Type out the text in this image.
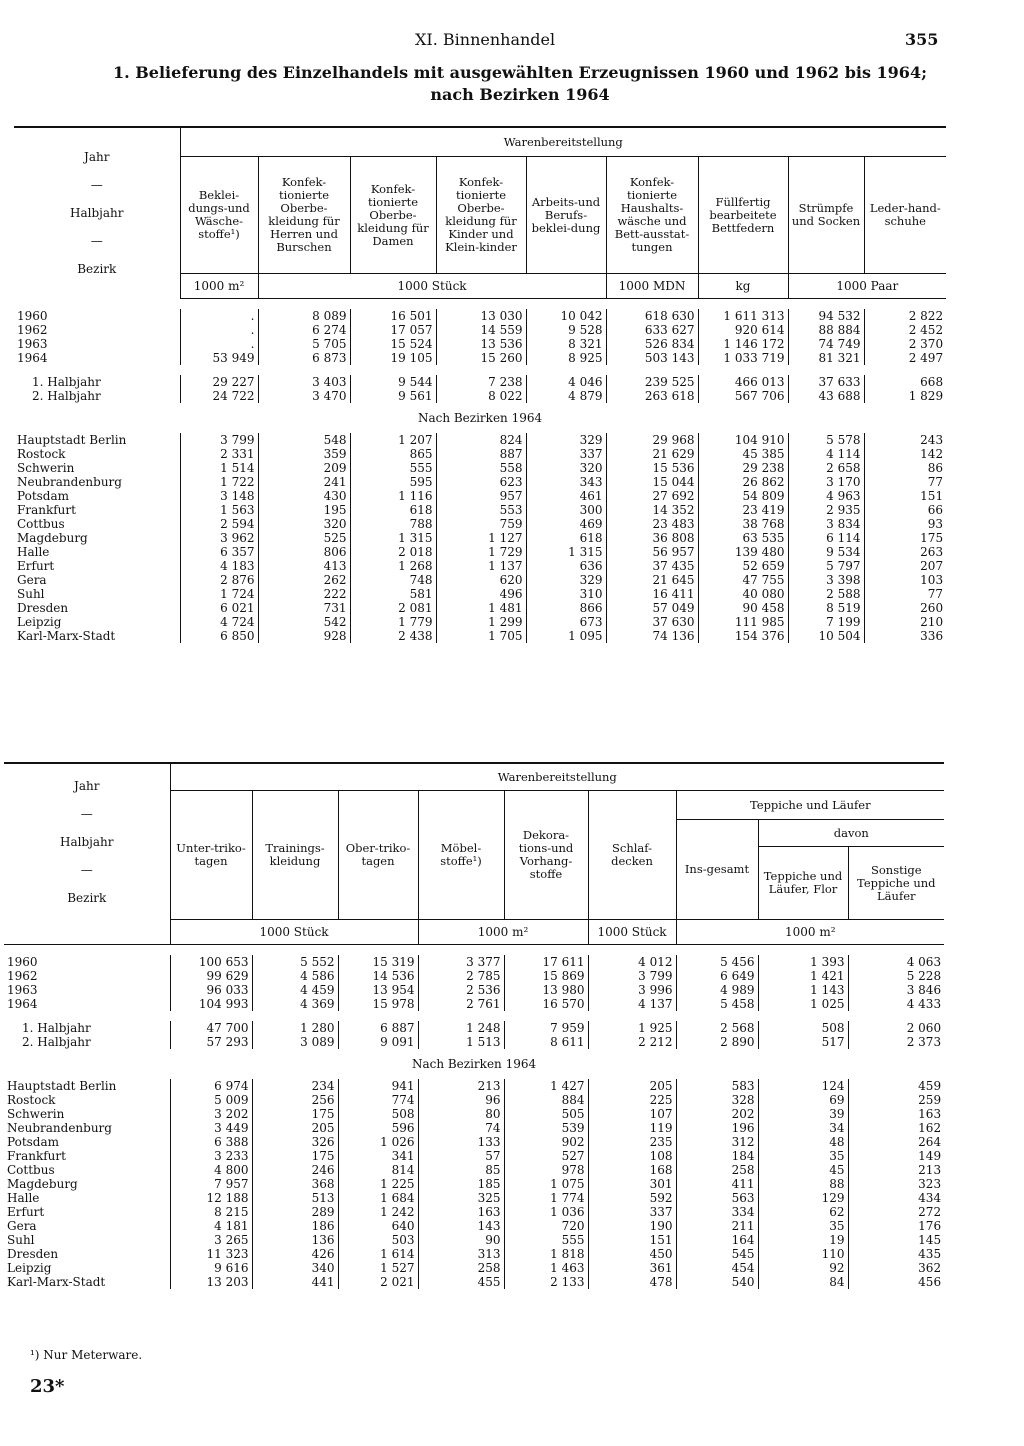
XI. Binnenhandel	355
1. Belieferung des Einzelhandels mit ausgewählten Erzeugnissen 1960 und 1962 bis 1964;
nach Bezirken 1964
Jahr
—
Halbjahr
—
Bezirk	Warenbereitstellung								
	Beklei-dungs-und Wäsche-stoffe¹)	Konfek-tionierte Oberbe-kleidung für Herren und Burschen	Konfek-tionierte Oberbe-kleidung für Damen	Konfek-tionierte Oberbe-kleidung für Kinder und Klein-kinder	Arbeits-und Berufs-beklei-dung	Konfek-tionierte Haushalts-wäsche und Bett-ausstat-tungen	Füllfertig bearbeitete Bettfedern	Strümpfe und Socken	Leder-hand-schuhe
	1000 m²	1000 Stück				1000 MDN	kg	1000 Paar	

1960	.	8 089	16 501	13 030	10 042	618 630	1 611 313	94 532	2 822
1962	.	6 274	17 057	14 559	9 528	633 627	920 614	88 884	2 452
1963	.	5 705	15 524	13 536	8 321	526 834	1 146 172	74 749	2 370
1964	53 949	6 873	19 105	15 260	8 925	503 143	1 033 719	81 321	2 497

1. Halbjahr	29 227	3 403	9 544	7 238	4 046	239 525	466 013	37 633	668
2. Halbjahr	24 722	3 470	9 561	8 022	4 879	263 618	567 706	43 688	1 829
Nach Bezirken 1964									
Hauptstadt Berlin	3 799	548	1 207	824	329	29 968	104 910	5 578	243
Rostock	2 331	359	865	887	337	21 629	45 385	4 114	142
Schwerin	1 514	209	555	558	320	15 536	29 238	2 658	86
Neubrandenburg	1 722	241	595	623	343	15 044	26 862	3 170	77
Potsdam	3 148	430	1 116	957	461	27 692	54 809	4 963	151
Frankfurt	1 563	195	618	553	300	14 352	23 419	2 935	66
Cottbus	2 594	320	788	759	469	23 483	38 768	3 834	93
Magdeburg	3 962	525	1 315	1 127	618	36 808	63 535	6 114	175
Halle	6 357	806	2 018	1 729	1 315	56 957	139 480	9 534	263
Erfurt	4 183	413	1 268	1 137	636	37 435	52 659	5 797	207
Gera	2 876	262	748	620	329	21 645	47 755	3 398	103
Suhl	1 724	222	581	496	310	16 411	40 080	2 588	77
Dresden	6 021	731	2 081	1 481	866	57 049	90 458	8 519	260
Leipzig	4 724	542	1 779	1 299	673	37 630	111 985	7 199	210
Karl-Marx-Stadt	6 850	928	2 438	1 705	1 095	74 136	154 376	10 504	336
Jahr
—
Halbjahr
—
Bezirk	Warenbereitstellung								
	Unter-triko-tagen	Trainings-kleidung	Ober-triko-tagen	Möbel-stoffe¹)	Dekora-tions-und Vorhang-stoffe	Schlaf-decken	Teppiche und Läufer		
							Ins-gesamt	davon	
								Teppiche und Läufer, Flor	Sonstige Teppiche und Läufer
	1000 Stück			1000 m²		1000 Stück	1000 m²		

1960	100 653	5 552	15 319	3 377	17 611	4 012	5 456	1 393	4 063
1962	99 629	4 586	14 536	2 785	15 869	3 799	6 649	1 421	5 228
1963	96 033	4 459	13 954	2 536	13 980	3 996	4 989	1 143	3 846
1964	104 993	4 369	15 978	2 761	16 570	4 137	5 458	1 025	4 433

1. Halbjahr	47 700	1 280	6 887	1 248	7 959	1 925	2 568	508	2 060
2. Halbjahr	57 293	3 089	9 091	1 513	8 611	2 212	2 890	517	2 373
Nach Bezirken 1964									
Hauptstadt Berlin	6 974	234	941	213	1 427	205	583	124	459
Rostock	5 009	256	774	96	884	225	328	69	259
Schwerin	3 202	175	508	80	505	107	202	39	163
Neubrandenburg	3 449	205	596	74	539	119	196	34	162
Potsdam	6 388	326	1 026	133	902	235	312	48	264
Frankfurt	3 233	175	341	57	527	108	184	35	149
Cottbus	4 800	246	814	85	978	168	258	45	213
Magdeburg	7 957	368	1 225	185	1 075	301	411	88	323
Halle	12 188	513	1 684	325	1 774	592	563	129	434
Erfurt	8 215	289	1 242	163	1 036	337	334	62	272
Gera	4 181	186	640	143	720	190	211	35	176
Suhl	3 265	136	503	90	555	151	164	19	145
Dresden	11 323	426	1 614	313	1 818	450	545	110	435
Leipzig	9 616	340	1 527	258	1 463	361	454	92	362
Karl-Marx-Stadt	13 203	441	2 021	455	2 133	478	540	84	456
¹) Nur Meterware.
23*
